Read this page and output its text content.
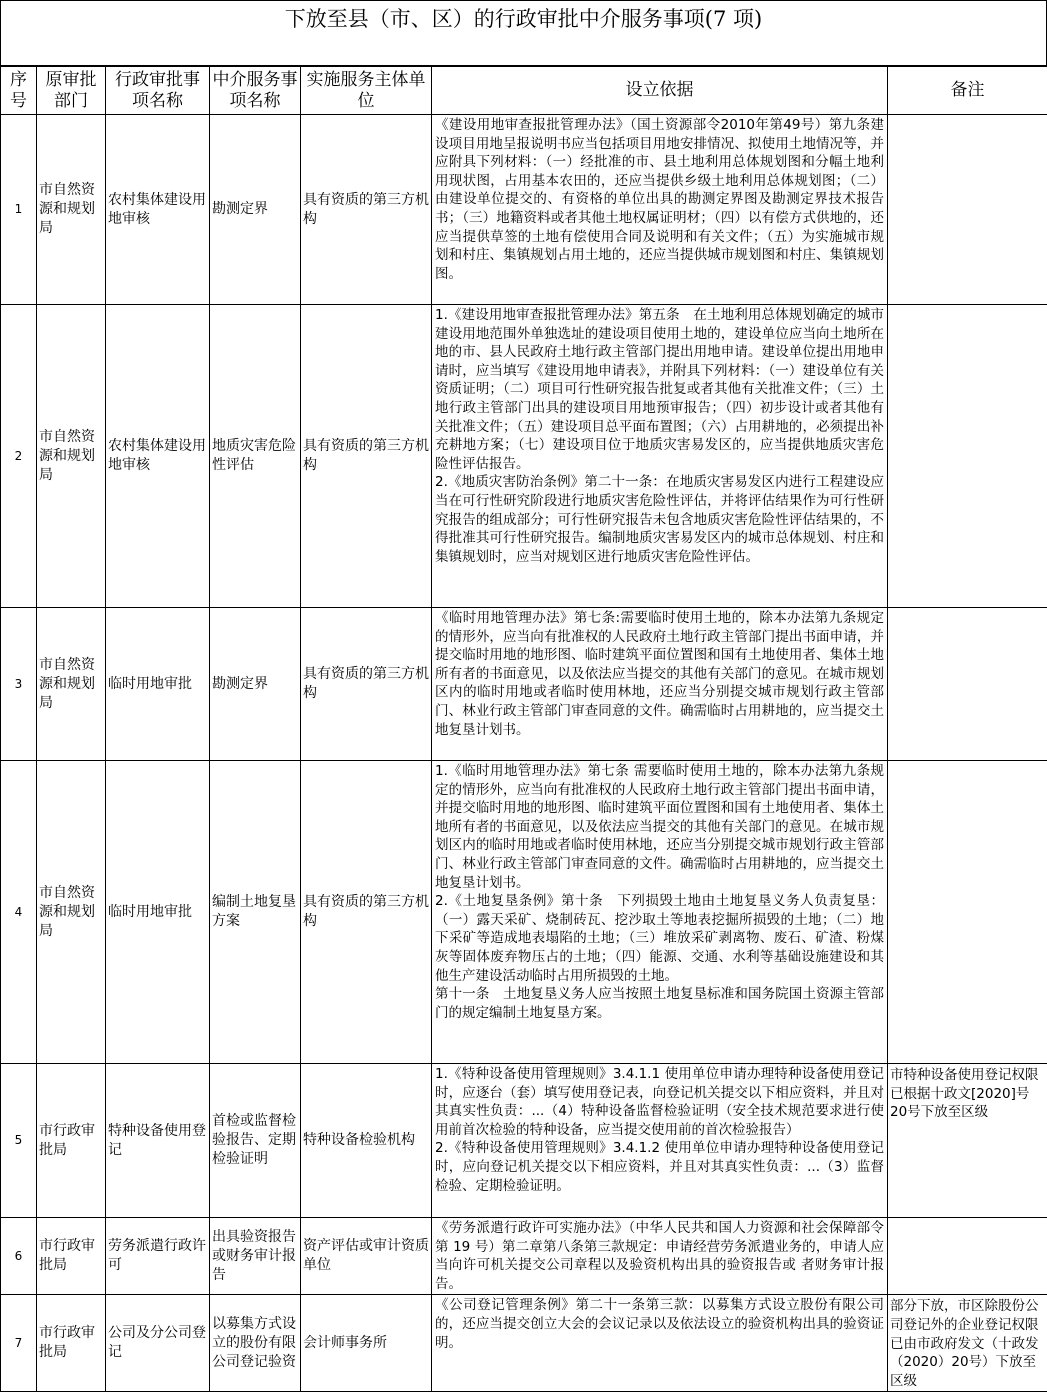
下放至县（市、区）的行政审批中介服务事项(7 项)
序号	原审批部门	行政审批事项名称	中介服务事项名称	实施服务主体单位	设立依据	备注
1	市自然资源和规划局	农村集体建设用地审核	勘测定界	具有资质的第三方机构	《建设用地审查报批管理办法》（国土资源部令2010年第49号）第九条建设项目用地呈报说明书应当包括项目用地安排情况、拟使用土地情况等，并应附具下列材料：（一）经批准的市、县土地利用总体规划图和分幅土地利用现状图，占用基本农田的，还应当提供乡级土地利用总体规划图；（二）由建设单位提交的、有资格的单位出具的勘测定界图及勘测定界技术报告书；（三）地籍资料或者其他土地权属证明材；（四）以有偿方式供地的，还应当提供草签的土地有偿使用合同及说明和有关文件；（五）为实施城市规划和村庄、集镇规划占用土地的，还应当提供城市规划图和村庄、集镇规划图。	

2	市自然资源和规划局	农村集体建设用地审核	地质灾害危险性评估	具有资质的第三方机构	1.《建设用地审查报批管理办法》第五条　在土地利用总体规划确定的城市建设用地范围外单独选址的建设项目使用土地的，建设单位应当向土地所在地的市、县人民政府土地行政主管部门提出用地申请。建设单位提出用地申请时，应当填写《建设用地申请表》，并附具下列材料：（一）建设单位有关资质证明；（二）项目可行性研究报告批复或者其他有关批准文件；（三）土地行政主管部门出具的建设项目用地预审报告；（四）初步设计或者其他有关批准文件；（五）建设项目总平面布置图；（六）占用耕地的，必须提出补充耕地方案；（七）建设项目位于地质灾害易发区的，应当提供地质灾害危险性评估报告。
2.《地质灾害防治条例》第二十一条：在地质灾害易发区内进行工程建设应当在可行性研究阶段进行地质灾害危险性评估，并将评估结果作为可行性研究报告的组成部分；可行性研究报告未包含地质灾害危险性评估结果的，不得批准其可行性研究报告。编制地质灾害易发区内的城市总体规划、村庄和集镇规划时，应当对规划区进行地质灾害危险性评估。	

3	市自然资源和规划局	临时用地审批	勘测定界	具有资质的第三方机构	《临时用地管理办法》第七条:需要临时使用土地的，除本办法第九条规定的情形外，应当向有批准权的人民政府土地行政主管部门提出书面申请，并提交临时用地的地形图、临时建筑平面位置图和国有土地使用者、集体土地所有者的书面意见，以及依法应当提交的其他有关部门的意见。在城市规划区内的临时用地或者临时使用林地，还应当分别提交城市规划行政主管部门、林业行政主管部门审查同意的文件。确需临时占用耕地的，应当提交土地复垦计划书。	

4	市自然资源和规划局	临时用地审批	编制土地复垦方案	具有资质的第三方机构	1.《临时用地管理办法》第七条 需要临时使用土地的，除本办法第九条规定的情形外，应当向有批准权的人民政府土地行政主管部门提出书面申请，并提交临时用地的地形图、临时建筑平面位置图和国有土地使用者、集体土地所有者的书面意见，以及依法应当提交的其他有关部门的意见。在城市规划区内的临时用地或者临时使用林地，还应当分别提交城市规划行政主管部门、林业行政主管部门审查同意的文件。确需临时占用耕地的，应当提交土地复垦计划书。
2.《土地复垦条例》第十条　下列损毁土地由土地复垦义务人负责复垦：（一）露天采矿、烧制砖瓦、挖沙取土等地表挖掘所损毁的土地；（二）地下采矿等造成地表塌陷的土地；（三）堆放采矿剥离物、废石、矿渣、粉煤灰等固体废弃物压占的土地；（四）能源、交通、水利等基础设施建设和其他生产建设活动临时占用所损毁的土地。
第十一条　土地复垦义务人应当按照土地复垦标准和国务院国土资源主管部门的规定编制土地复垦方案。	

5	市行政审批局	特种设备使用登记	首检或监督检验报告、定期检验证明	特种设备检验机构	1.《特种设备使用管理规则》3.4.1.1 使用单位申请办理特种设备使用登记时，应逐台（套）填写使用登记表，向登记机关提交以下相应资料，并且对其真实性负责：...（4）特种设备监督检验证明（安全技术规范要求进行使用前首次检验的特种设备，应当提交使用前的首次检验报告）
2.《特种设备使用管理规则》3.4.1.2 使用单位申请办理特种设备使用登记时，应向登记机关提交以下相应资料，并且对其真实性负责：...（3）监督检验、定期检验证明。	市特种设备使用登记权限已根据十政文[2020]号20号下放至区级
6	市行政审批局	劳务派遣行政许可	出具验资报告或财务审计报告	资产评估或审计资质单位	《劳务派遣行政许可实施办法》（中华人民共和国人力资源和社会保障部令第 19 号）第二章第八条第三款规定：申请经营劳务派遣业务的，申请人应当向许可机关提交公司章程以及验资机构出具的验资报告或 者财务审计报告。	

7	市行政审批局	公司及分公司登记	以募集方式设立的股份有限公司登记验资	会计师事务所	《公司登记管理条例》第二十一条第三款：以募集方式设立股份有限公司的，还应当提交创立大会的会议记录以及依法设立的验资机构出具的验资证明。	部分下放，市区除股份公司登记外的企业登记权限已由市政府发文（十政发（2020）20号）下放至区级
